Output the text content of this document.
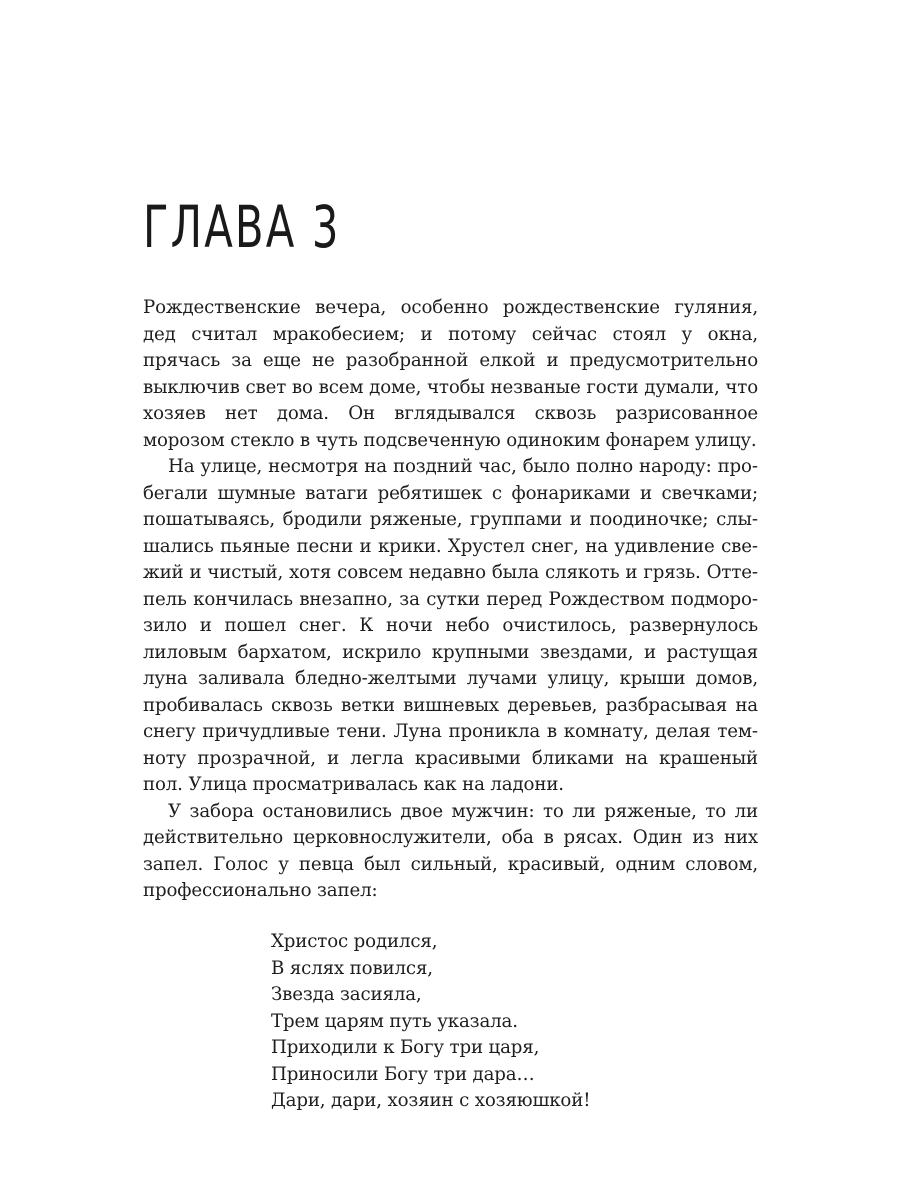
ГЛАВА 3

Рождественские вечера, особенно рождественские гуляния, дед считал мракобесием; и потому сейчас стоял у окна, прячась за еще не разобранной елкой и предусмотрительно выключив свет во всем доме, чтобы незваные гости думали, что хозяев нет дома. Он вглядывался сквозь разрисованное морозом стекло в чуть подсвеченную одиноким фонарем улицу.

На улице, несмотря на поздний час, было полно народу: пробегали шумные ватаги ребятишек с фонариками и свечками; пошатываясь, бродили ряженые, группами и поодиночке; слышались пьяные песни и крики. Хрустел снег, на удивление свежий и чистый, хотя совсем недавно была слякоть и грязь. Оттепель кончилась внезапно, за сутки перед Рождеством подморозило и пошел снег. К ночи небо очистилось, развернулось лиловым бархатом, искрило крупными звездами, и растущая луна заливала бледно-желтыми лучами улицу, крыши домов, пробивалась сквозь ветки вишневых деревьев, разбрасывая на снегу причудливые тени. Луна проникла в комнату, делая темноту прозрачной, и легла красивыми бликами на крашеный пол. Улица просматривалась как на ладони.

У забора остановились двое мужчин: то ли ряженые, то ли действительно церковнослужители, оба в рясах. Один из них запел. Голос у певца был сильный, красивый, одним словом, профессионально запел:

Христос родился,
В яслях повился,
Звезда засияла,
Трем царям путь указала.
Приходили к Богу три царя,
Приносили Богу три дара…
Дари, дари, хозяин с хозяюшкой!
